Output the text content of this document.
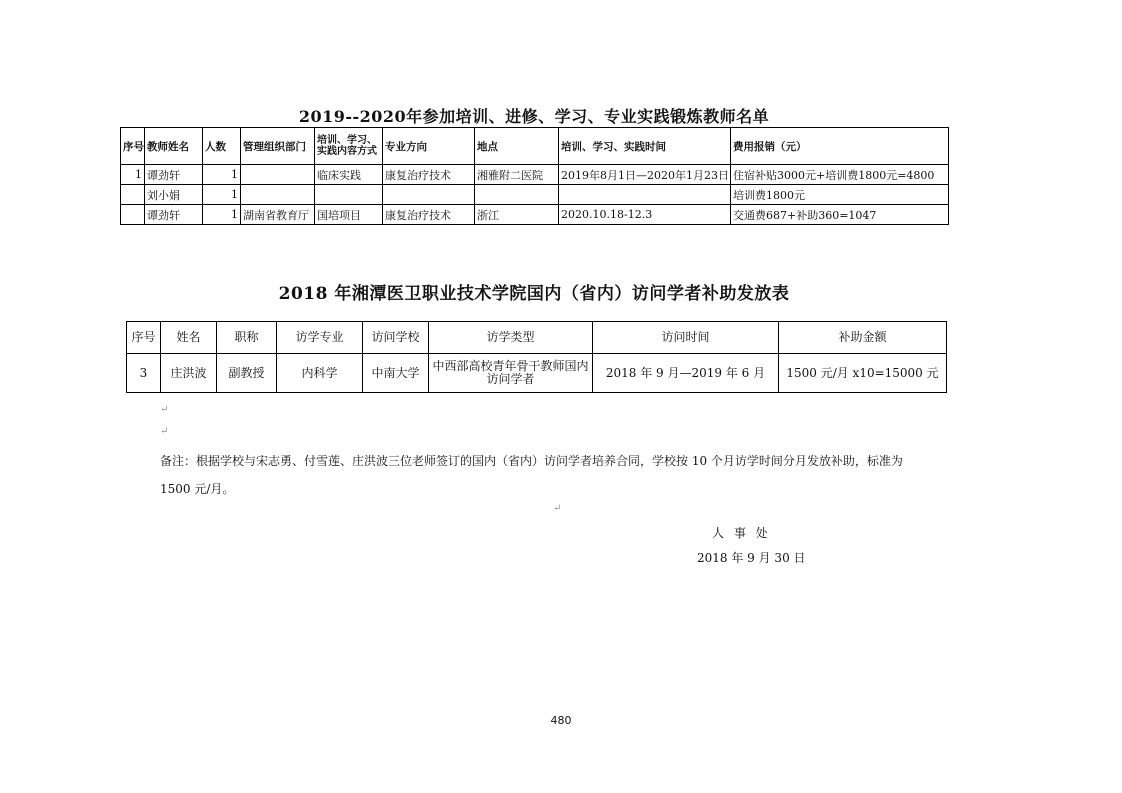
2019--2020年参加培训、进修、学习、专业实践锻炼教师名单
序号	教师姓名	人数	管理组织部门	培训、学习、实践内容方式	专业方向	地点	培训、学习、实践时间	费用报销（元）
1	谭劲轩	1		临床实践	康复治疗技术	湘雅附二医院	2019年8月1日—2020年1月23日	住宿补贴3000元+培训费1800元=4800
	刘小娟	1						培训费1800元
	谭劲轩	1	湖南省教育厅	国培项目	康复治疗技术	浙江	2020.10.18-12.3	交通费687+补助360=1047
2018 年湘潭医卫职业技术学院国内（省内）访问学者补助发放表
序号	姓名	职称	访学专业	访问学校	访学类型	访问时间	补助金额
3	庄洪波	副教授	内科学	中南大学	中西部高校青年骨干教师国内访问学者	2018 年 9 月—2019 年 6 月	1500 元/月 x10=15000 元
↵
↵
备注：根据学校与宋志勇、付雪莲、庄洪波三位老师签订的国内（省内）访问学者培养合同，学校按 10 个月访学时间分月发放补助，标准为 1500 元/月。
↵
人 事 处
2018 年 9 月 30 日
480
